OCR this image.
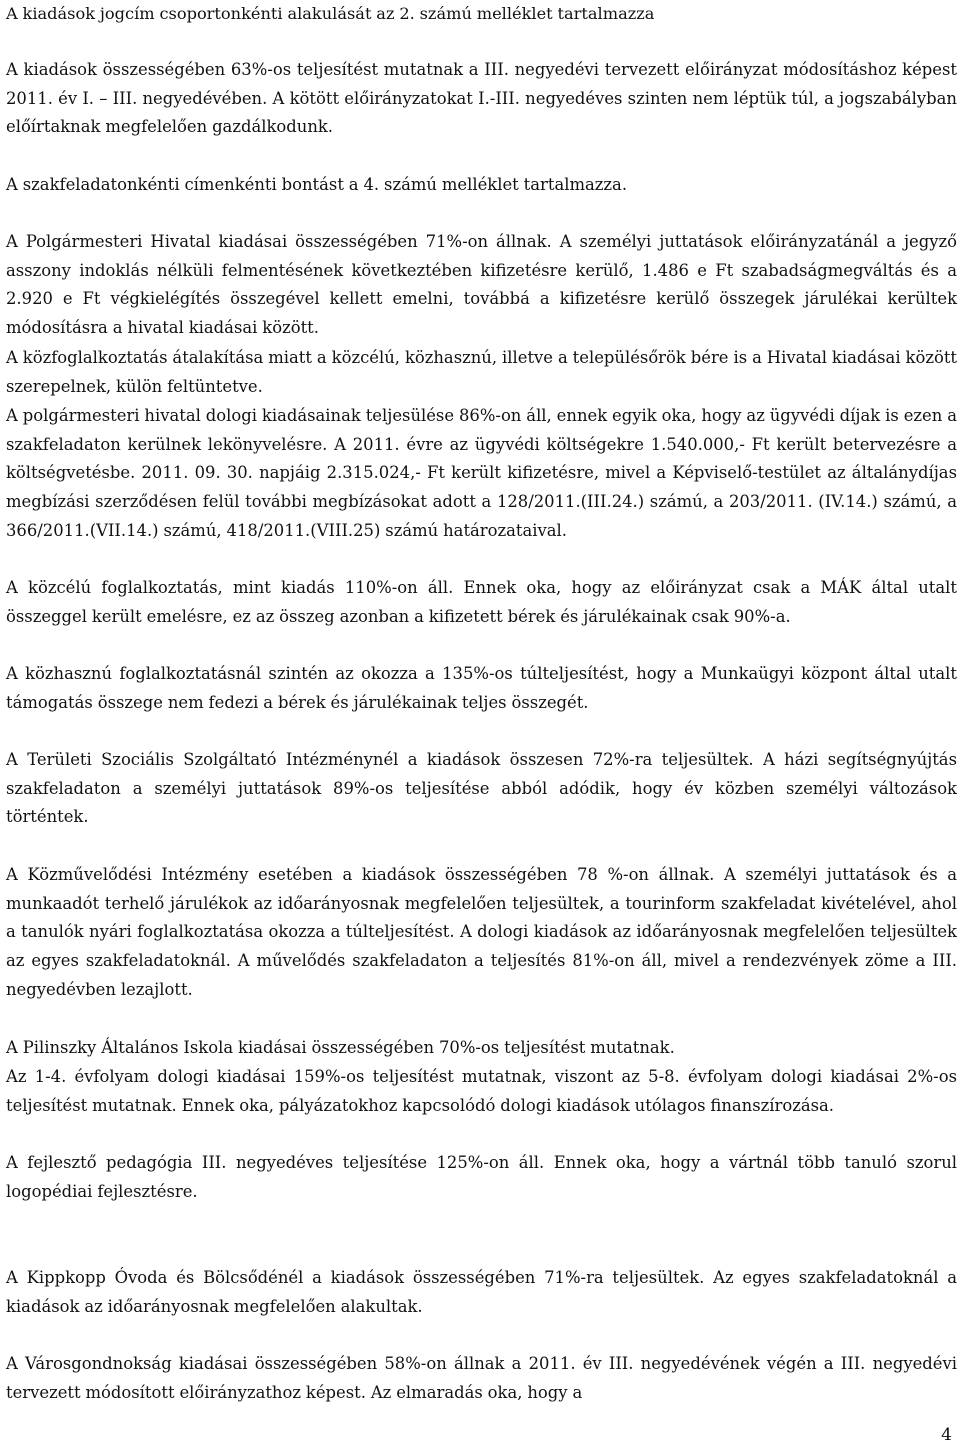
A kiadások jogcím csoportonkénti alakulását az 2. számú melléklet tartalmazza

A kiadások összességében 63%-os teljesítést mutatnak a III. negyedévi tervezett előirányzat módosításhoz képest 2011. év I. – III. negyedévében. A kötött előirányzatokat I.-III. negyedéves szinten nem léptük túl, a jogszabályban előírtaknak megfelelően gazdálkodunk.

A szakfeladatonkénti címenkénti bontást a 4. számú melléklet tartalmazza.

A Polgármesteri Hivatal kiadásai összességében 71%-on állnak. A személyi juttatások előirányzatánál a jegyző asszony indoklás nélküli felmentésének következtében kifizetésre kerülő, 1.486 e Ft szabadságmegváltás és a 2.920 e Ft végkielégítés összegével kellett emelni, továbbá a kifizetésre kerülő összegek járulékai kerültek módosításra a hivatal kiadásai között.

A közfoglalkoztatás átalakítása miatt a közcélú, közhasznú, illetve a településőrök bére is a Hivatal kiadásai között szerepelnek, külön feltüntetve.

A polgármesteri hivatal dologi kiadásainak teljesülése 86%-on áll, ennek egyik oka, hogy az ügyvédi díjak is ezen a szakfeladaton kerülnek lekönyvelésre. A 2011. évre az ügyvédi költségekre 1.540.000,- Ft került betervezésre a költségvetésbe. 2011. 09. 30. napjáig 2.315.024,- Ft került kifizetésre, mivel a Képviselő-testület az általánydíjas megbízási szerződésen felül további megbízásokat adott a 128/2011.(III.24.) számú, a 203/2011. (IV.14.) számú, a 366/2011.(VII.14.) számú, 418/2011.(VIII.25) számú határozataival.

A közcélú foglalkoztatás, mint kiadás 110%-on áll. Ennek oka, hogy az előirányzat csak a MÁK által utalt összeggel került emelésre, ez az összeg azonban a kifizetett bérek és járulékainak csak 90%-a.

A közhasznú foglalkoztatásnál szintén az okozza a 135%-os túlteljesítést, hogy a Munkaügyi központ által utalt támogatás összege nem fedezi a bérek és járulékainak teljes összegét.

A Területi Szociális Szolgáltató Intézménynél a kiadások összesen 72%-ra teljesültek. A házi segítségnyújtás szakfeladaton a személyi juttatások 89%-os teljesítése abból adódik, hogy év közben személyi változások történtek.

A Közművelődési Intézmény esetében a kiadások összességében 78 %-on állnak. A személyi juttatások és a munkaadót terhelő járulékok az időarányosnak megfelelően teljesültek, a tourinform szakfeladat kivételével, ahol a tanulók nyári foglalkoztatása okozza a túlteljesítést. A dologi kiadások az időarányosnak megfelelően teljesültek az egyes szakfeladatoknál. A művelődés szakfeladaton a teljesítés 81%-on áll, mivel a rendezvények zöme a III. negyedévben lezajlott.

A Pilinszky Általános Iskola kiadásai összességében 70%-os teljesítést mutatnak.

Az 1-4. évfolyam dologi kiadásai 159%-os teljesítést mutatnak, viszont az 5-8. évfolyam dologi kiadásai 2%-os teljesítést mutatnak. Ennek oka, pályázatokhoz kapcsolódó dologi kiadások utólagos finanszírozása.

A fejlesztő pedagógia III. negyedéves teljesítése 125%-on áll. Ennek oka, hogy a vártnál több tanuló szorul logopédiai fejlesztésre.

A Kippkopp Óvoda és Bölcsődénél a kiadások összességében 71%-ra teljesültek. Az egyes szakfeladatoknál a kiadások az időarányosnak megfelelően alakultak.

A Városgondnokság kiadásai összességében 58%-on állnak a 2011. év III. negyedévének végén a III. negyedévi tervezett módosított előirányzathoz képest. Az elmaradás oka, hogy a

4
